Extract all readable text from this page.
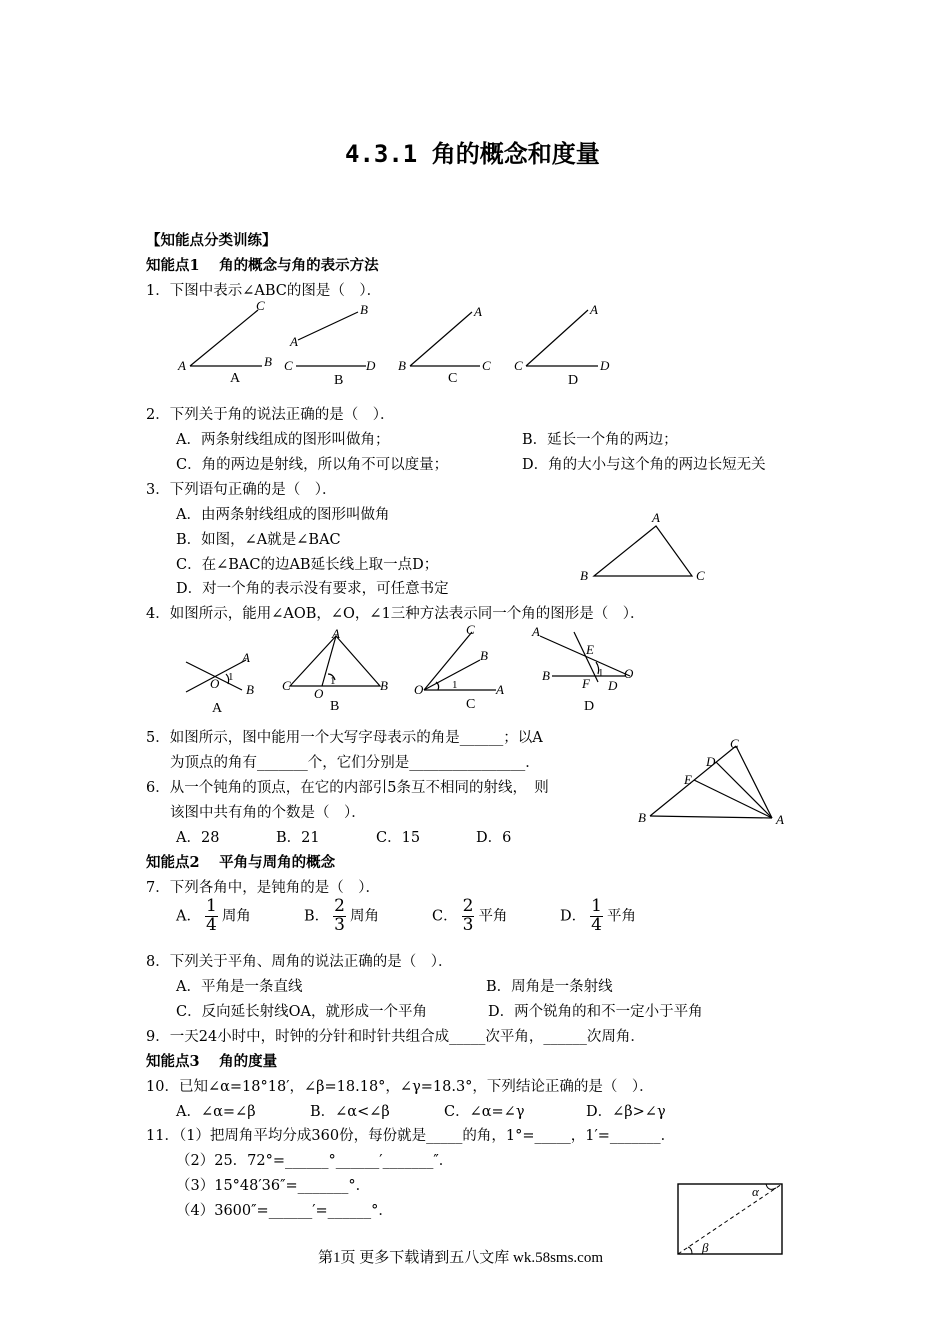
4.3.1 角的概念和度量
【知能点分类训练】
知能点1　 角的概念与角的表示方法
1．下图中表示∠ABC的图是（　）．
A
C
B
A
B
C	D B
A
C C
A
D
A	B	C	D
2．下列关于角的说法正确的是（　）．
A．两条射线组成的图形叫做角；	B．延长一个角的两边；
C．角的两边是射线，所以角不可以度量；	D．角的大小与这个角的两边长短无关
3．下列语句正确的是（　）．
A．由两条射线组成的图形叫做角
B．如图，∠A就是∠BAC
C．在∠BAC的边AB延长线上取一点D；
D．对一个角的表示没有要求，可任意书定
A
B	C
4．如图所示，能用∠AOB，∠O，∠1三种方法表示同一个角的图形是（　）．
A
O 1
B
A
C
O
1	B
C
B
O	1	A
A
E
B
F
1 O
D
A	B	C	D
5．如图所示，图中能用一个大写字母表示的角是______；以A
为顶点的角有_______个，它们分别是________________．
C
D
E
B	A
6．从一个钝角的顶点，在它的内部引5条互不相同的射线，　则
该图中共有角的个数是（　）．
A．28	B．21	C．15	D．6
知能点2　 平角与周角的概念
7．下列各角中，是钝角的是（　）．
A． $\frac{1}{4}$ 周角	B． $\frac{2}{3}$ 周角	C． $\frac{2}{3}$ 平角	D． $\frac{1}{4}$ 平角
8．下列关于平角、周角的说法正确的是（　）．
A．平角是一条直线	B．周角是一条射线
C．反向延长射线OA，就形成一个平角	D．两个锐角的和不一定小于平角
9．一天24小时中，时钟的分针和时针共组合成_____次平角，______次周角．
知能点3　 角的度量
10．已知∠α=18°18′，∠β=18.18°，∠γ=18.3°，下列结论正确的是（　）．
A．∠α=∠β	B．∠α<∠β	C．∠α=∠γ	D．∠β>∠γ
11．（1）把周角平均分成360份，每份就是_____的角，1°=_____，1′=_______．
（2）25．72°=______°______′_______″．
（3）15°48′36″=_______°．
（4）3600″=______′=______°．
α
β
第1页 更多下载请到五八文库 wk.58sms.com
